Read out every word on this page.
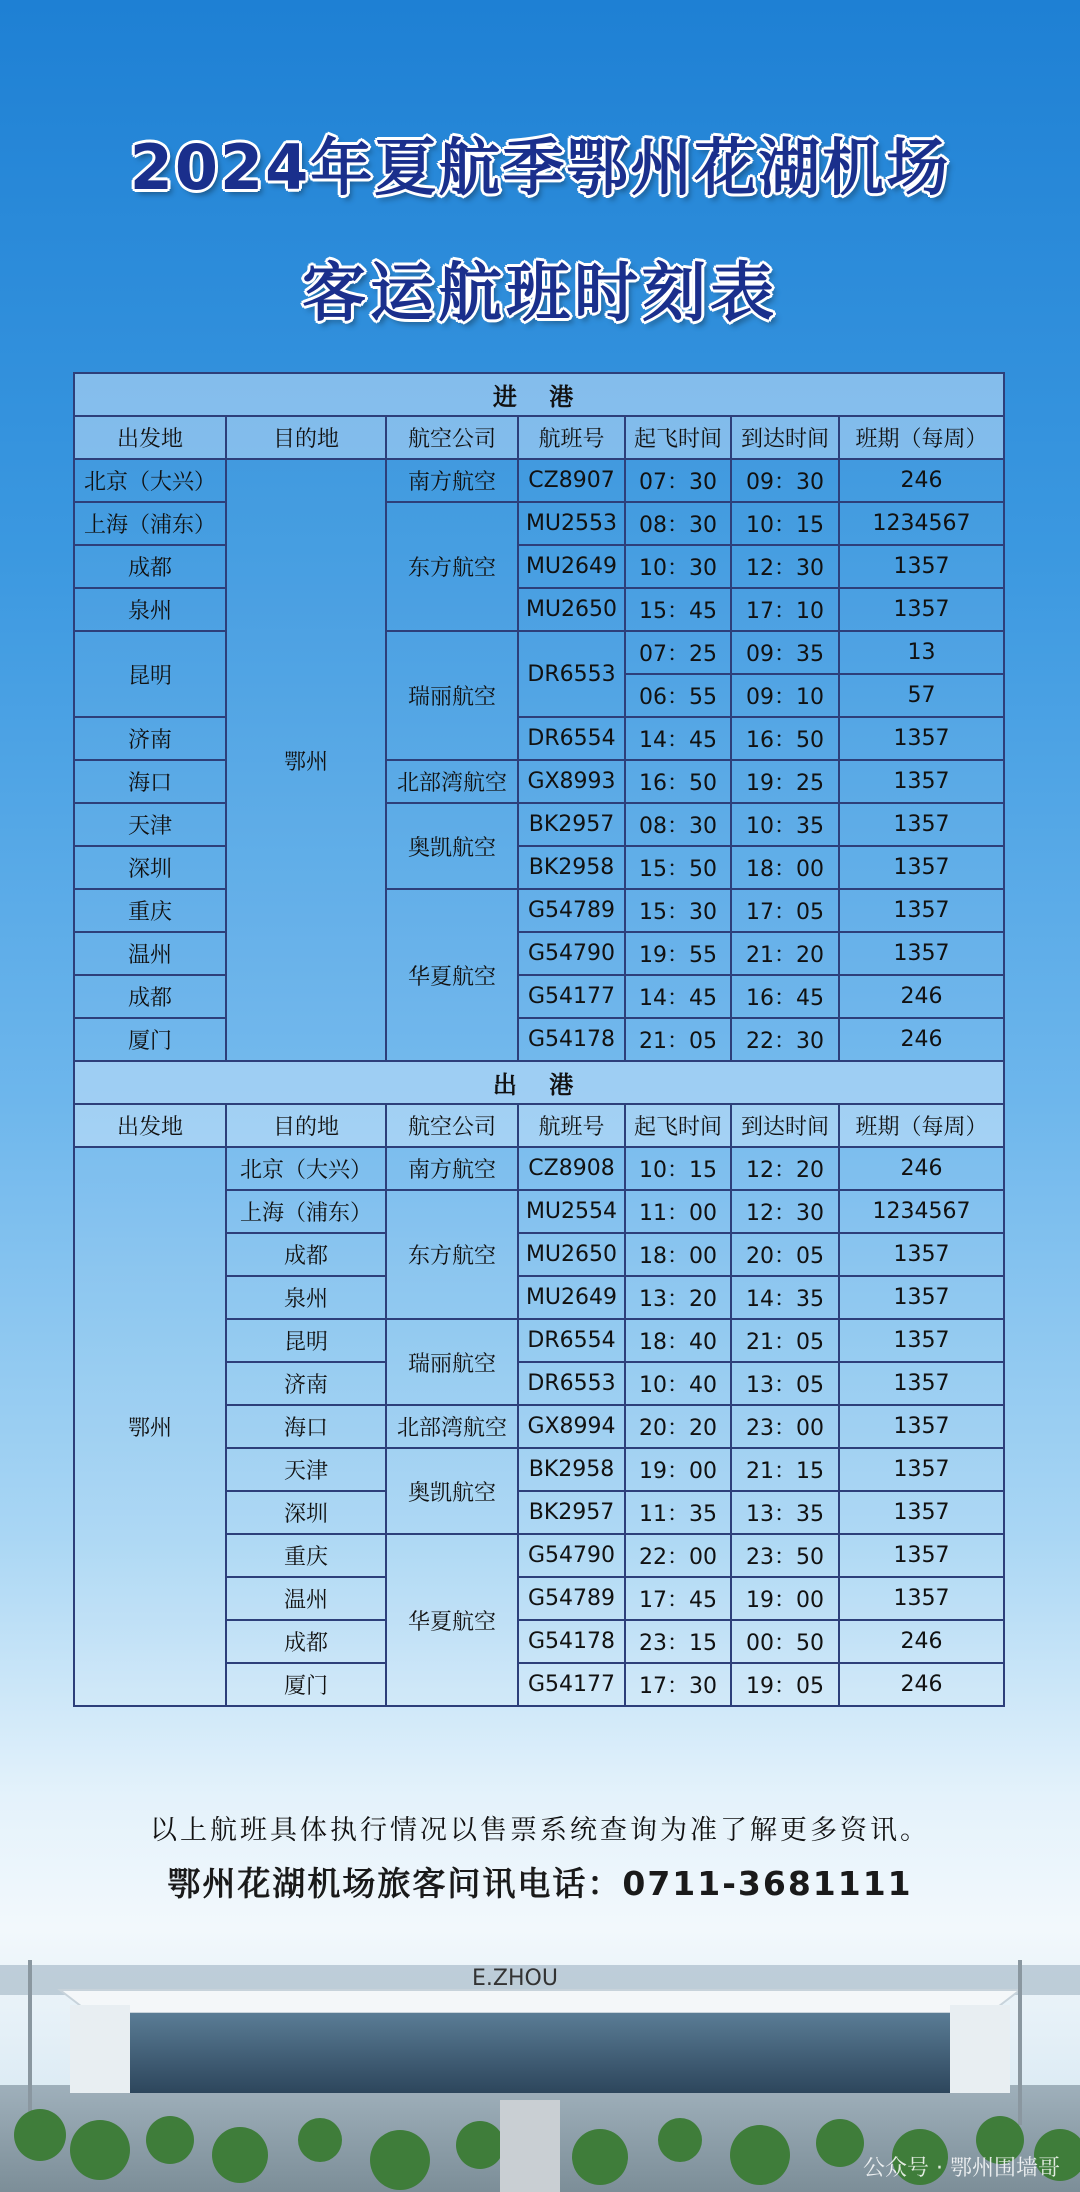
2024年夏航季鄂州花湖机场
客运航班时刻表
进 港						
出发地	目的地	航空公司	航班号	起飞时间	到达时间	班期（每周）
北京（大兴）	鄂州	南方航空	CZ8907	07：30	09：30	246
上海（浦东）		东方航空	MU2553	08：30	10：15	1234567
成都			MU2649	10：30	12：30	1357
泉州			MU2650	15：45	17：10	1357
昆明		瑞丽航空	DR6553	07：25	09：35	13
				06：55	09：10	57
济南			DR6554	14：45	16：50	1357
海口		北部湾航空	GX8993	16：50	19：25	1357
天津		奥凯航空	BK2957	08：30	10：35	1357
深圳			BK2958	15：50	18：00	1357
重庆		华夏航空	G54789	15：30	17：05	1357
温州			G54790	19：55	21：20	1357
成都			G54177	14：45	16：45	246
厦门			G54178	21：05	22：30	246
出 港						
出发地	目的地	航空公司	航班号	起飞时间	到达时间	班期（每周）
鄂州	北京（大兴）	南方航空	CZ8908	10：15	12：20	246
	上海（浦东）	东方航空	MU2554	11：00	12：30	1234567
	成都		MU2650	18：00	20：05	1357
	泉州		MU2649	13：20	14：35	1357
	昆明	瑞丽航空	DR6554	18：40	21：05	1357
	济南		DR6553	10：40	13：05	1357
	海口	北部湾航空	GX8994	20：20	23：00	1357
	天津	奥凯航空	BK2958	19：00	21：15	1357
	深圳		BK2957	11：35	13：35	1357
	重庆	华夏航空	G54790	22：00	23：50	1357
	温州		G54789	17：45	19：00	1357
	成都		G54178	23：15	00：50	246
	厦门		G54177	17：30	19：05	246
以上航班具体执行情况以售票系统查询为准了解更多资讯。
鄂州花湖机场旅客问讯电话：0711-3681111
E.ZHOU
公众号 · 鄂州围墙哥
